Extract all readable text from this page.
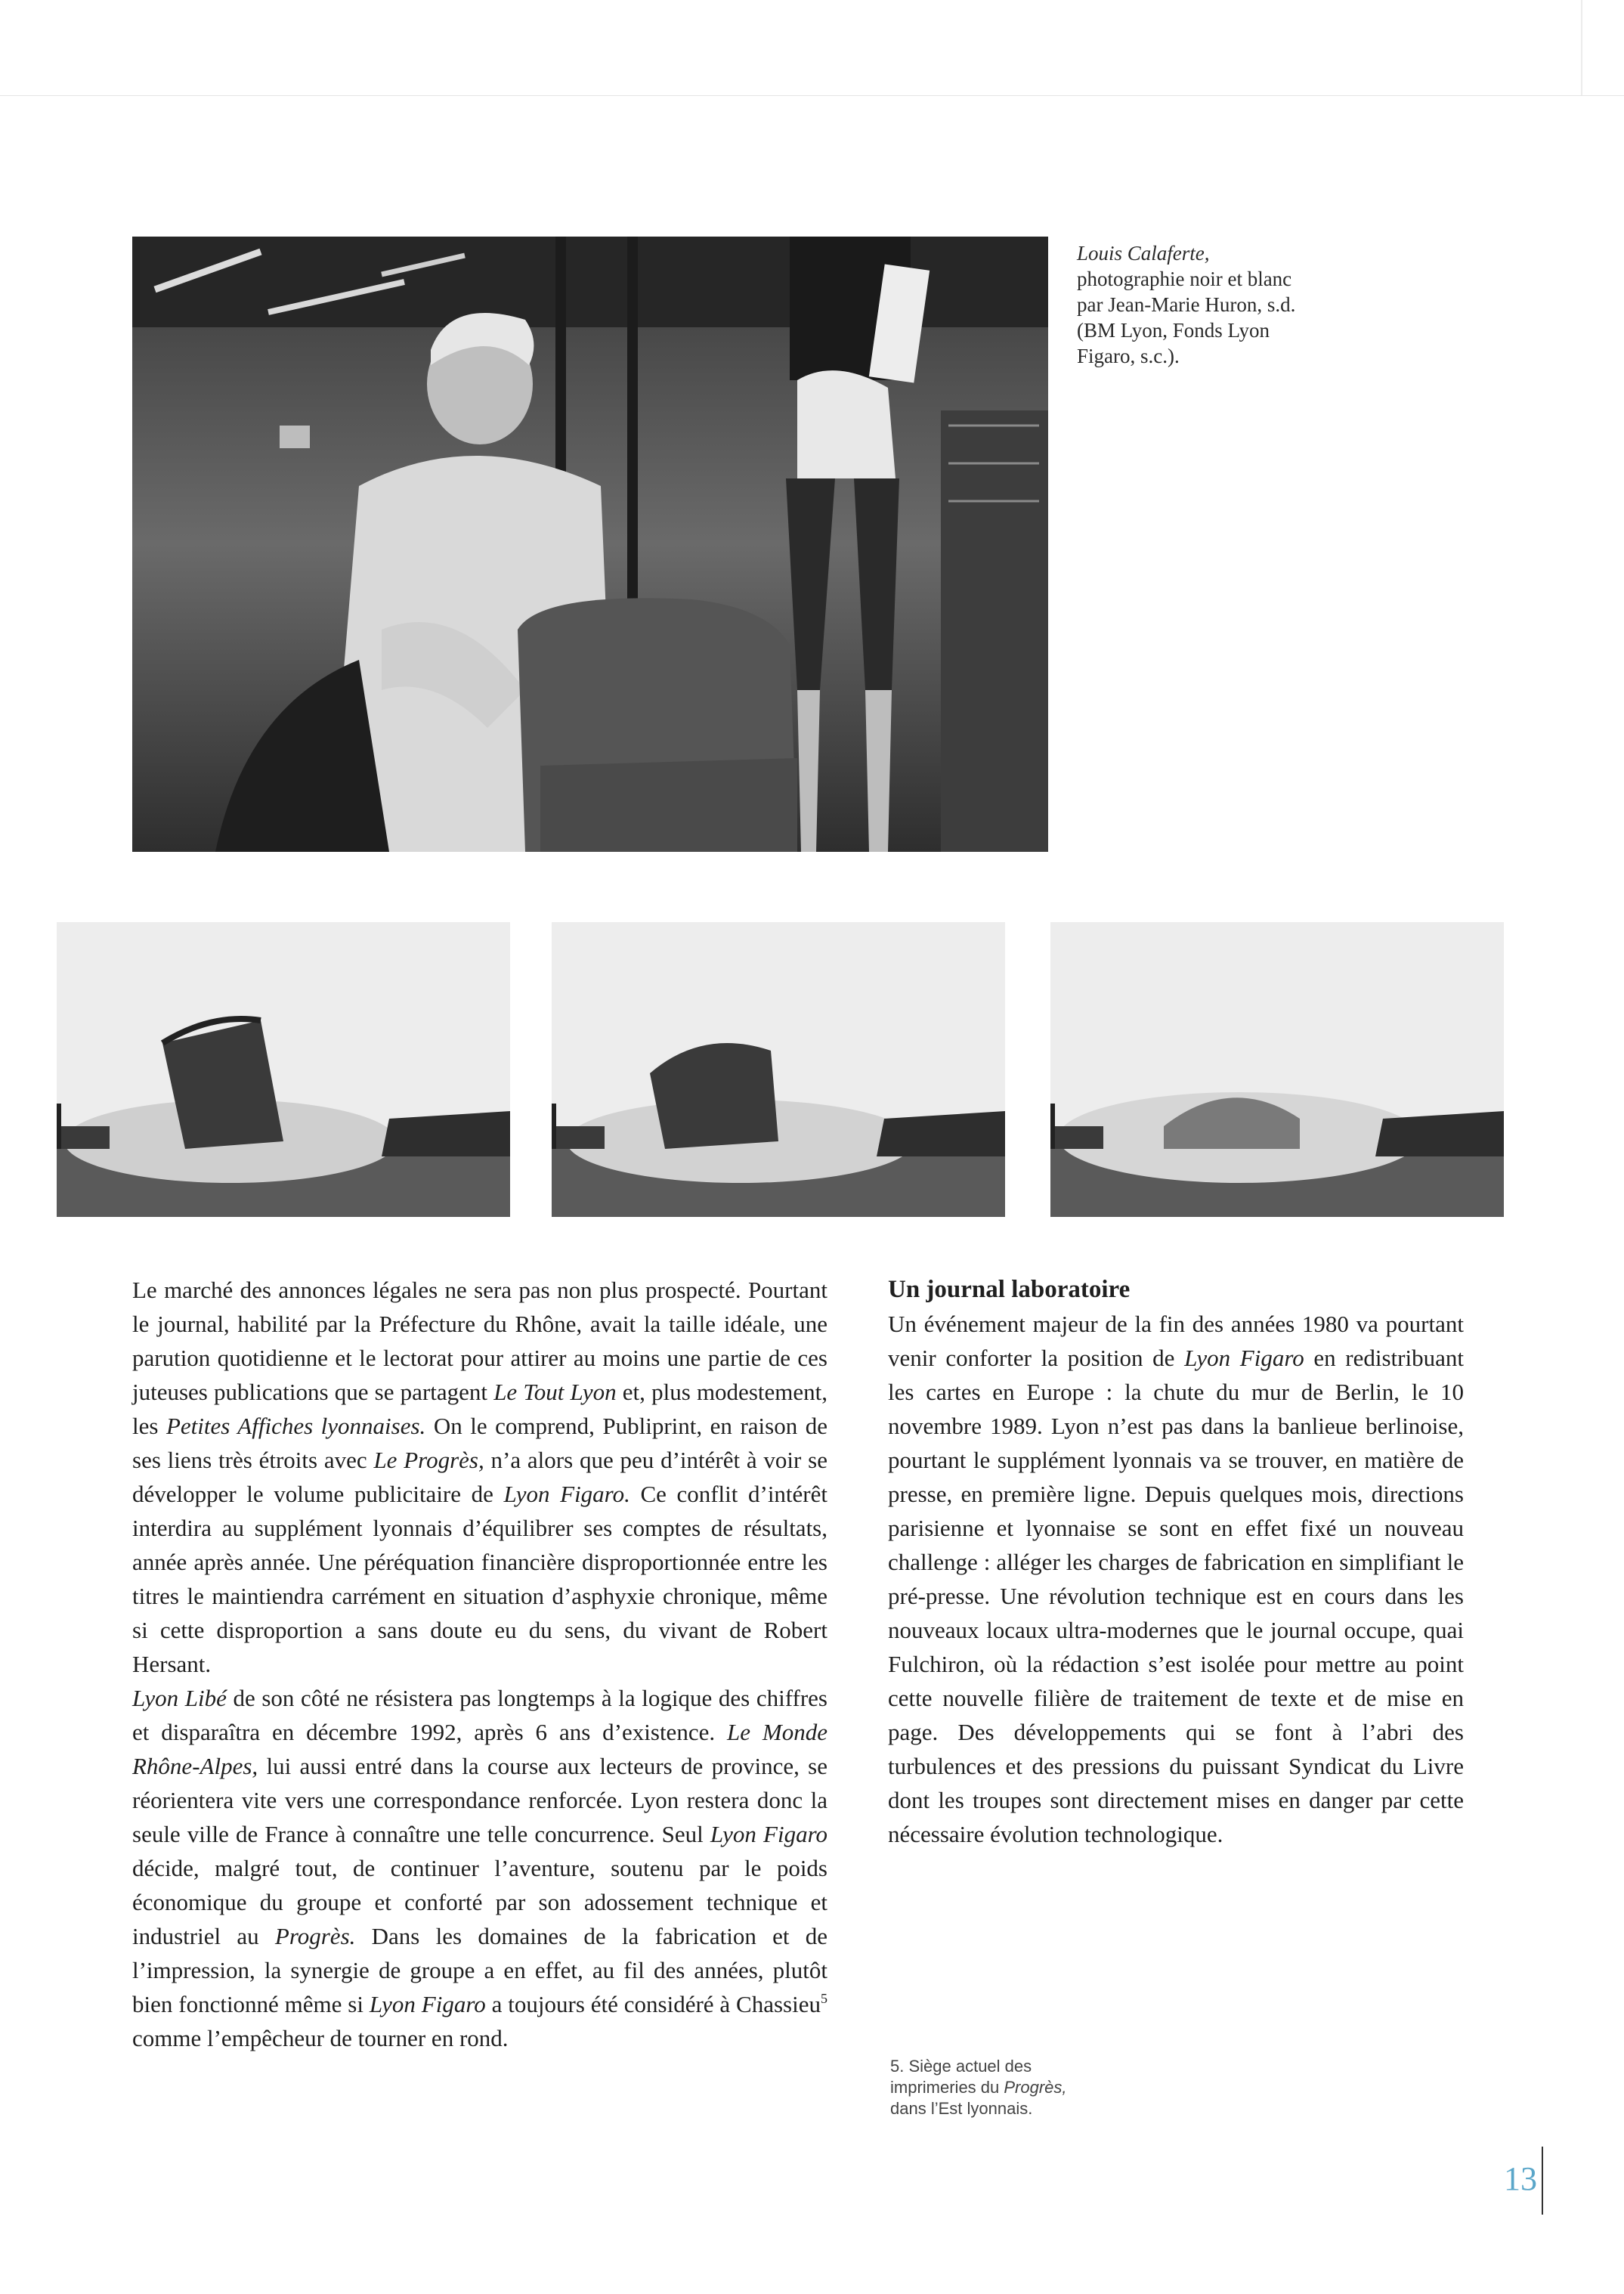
Louis Calaferte,

photographie noir et blanc

par Jean-Marie Huron, s.d.

(BM Lyon, Fonds Lyon

Figaro, s.c.).

Le marché des annonces légales ne sera pas non plus prospecté. Pourtant le journal, habilité par la Préfecture du Rhône, avait la taille idéale, une parution quotidienne et le lectorat pour attirer au moins une partie de ces juteuses publications que se partagent Le Tout Lyon et, plus modestement, les Petites Affiches lyonnaises. On le comprend, Publiprint, en raison de ses liens très étroits avec Le Progrès, n’a alors que peu d’intérêt à voir se développer le volume publicitaire de Lyon Figaro. Ce conflit d’intérêt interdira au supplément lyonnais d’équilibrer ses comptes de résultats, année après année. Une péréquation financière disproportionnée entre les titres le maintiendra carrément en situation d’asphyxie chronique, même si cette disproportion a sans doute eu du sens, du vivant de Robert Hersant.

Lyon Libé de son côté ne résistera pas longtemps à la logique des chiffres et disparaîtra en décembre 1992, après 6 ans d’existence. Le Monde Rhône-Alpes, lui aussi entré dans la course aux lecteurs de province, se réorientera vite vers une correspondance renforcée. Lyon restera donc la seule ville de France à connaître une telle concurrence. Seul Lyon Figaro décide, malgré tout, de continuer l’aventure, soutenu par le poids économique du groupe et conforté par son adossement technique et industriel au Progrès. Dans les domaines de la fabrication et de l’impression, la synergie de groupe a en effet, au fil des années, plutôt bien fonctionné même si Lyon Figaro a toujours été considéré à Chassieu$^5$ comme l’empêcheur de tourner en rond.

Un journal laboratoire

Un événement majeur de la fin des années 1980 va pourtant venir conforter la position de Lyon Figaro en redistribuant les cartes en Europe : la chute du mur de Berlin, le 10 novembre 1989. Lyon n’est pas dans la banlieue berlinoise, pourtant le supplément lyonnais va se trouver, en matière de presse, en première ligne. Depuis quelques mois, directions parisienne et lyonnaise se sont en effet fixé un nouveau challenge : alléger les charges de fabrication en simplifiant le pré-presse. Une révolution technique est en cours dans les nouveaux locaux ultra-modernes que le journal occupe, quai Fulchiron, où la rédaction s’est isolée pour mettre au point cette nouvelle filière de traitement de texte et de mise en page. Des développements qui se font à l’abri des turbulences et des pressions du puissant Syndicat du Livre dont les troupes sont directement mises en danger par cette nécessaire évolution technologique.

5. Siège actuel des imprimeries du Progrès, dans l’Est lyonnais.

13
